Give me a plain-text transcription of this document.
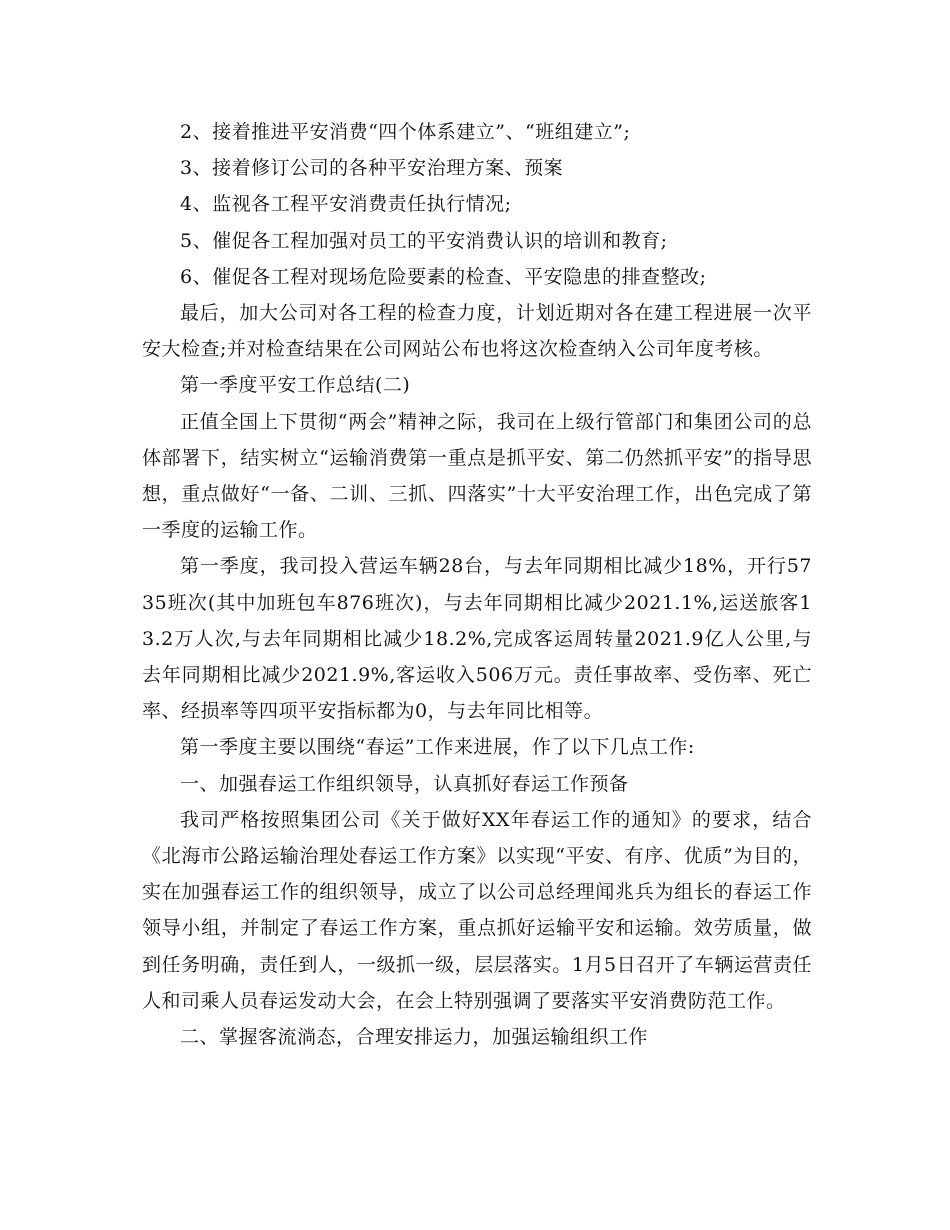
2、接着推进平安消费“四个体系建立”、“班组建立”;

3、接着修订公司的各种平安治理方案、预案

4、监视各工程平安消费责任执行情况;

5、催促各工程加强对员工的平安消费认识的培训和教育;

6、催促各工程对现场危险要素的检查、平安隐患的排查整改;

最后，加大公司对各工程的检查力度，计划近期对各在建工程进展一次平安大检查;并对检查结果在公司网站公布也将这次检查纳入公司年度考核。

第一季度平安工作总结(二)

正值全国上下贯彻“两会”精神之际，我司在上级行管部门和集团公司的总体部署下，结实树立“运输消费第一重点是抓平安、第二仍然抓平安”的指导思想，重点做好“一备、二训、三抓、四落实”十大平安治理工作，出色完成了第一季度的运输工作。

第一季度，我司投入营运车辆28台，与去年同期相比减少18%，开行5735班次(其中加班包车876班次)，与去年同期相比减少2021.1%,运送旅客13.2万人次,与去年同期相比减少18.2%,完成客运周转量2021.9亿人公里,与去年同期相比减少2021.9%,客运收入506万元。责任事故率、受伤率、死亡率、经损率等四项平安指标都为0，与去年同比相等。

第一季度主要以围绕“春运”工作来进展，作了以下几点工作:

一、加强春运工作组织领导，认真抓好春运工作预备

我司严格按照集团公司《关于做好XX年春运工作的通知》的要求，结合《北海市公路运输治理处春运工作方案》以实现“平安、有序、优质”为目的，实在加强春运工作的组织领导，成立了以公司总经理闻兆兵为组长的春运工作领导小组，并制定了春运工作方案，重点抓好运输平安和运输。效劳质量，做到任务明确，责任到人，一级抓一级，层层落实。1月5日召开了车辆运营责任人和司乘人员春运发动大会，在会上特别强调了要落实平安消费防范工作。

二、掌握客流淌态，合理安排运力，加强运输组织工作
